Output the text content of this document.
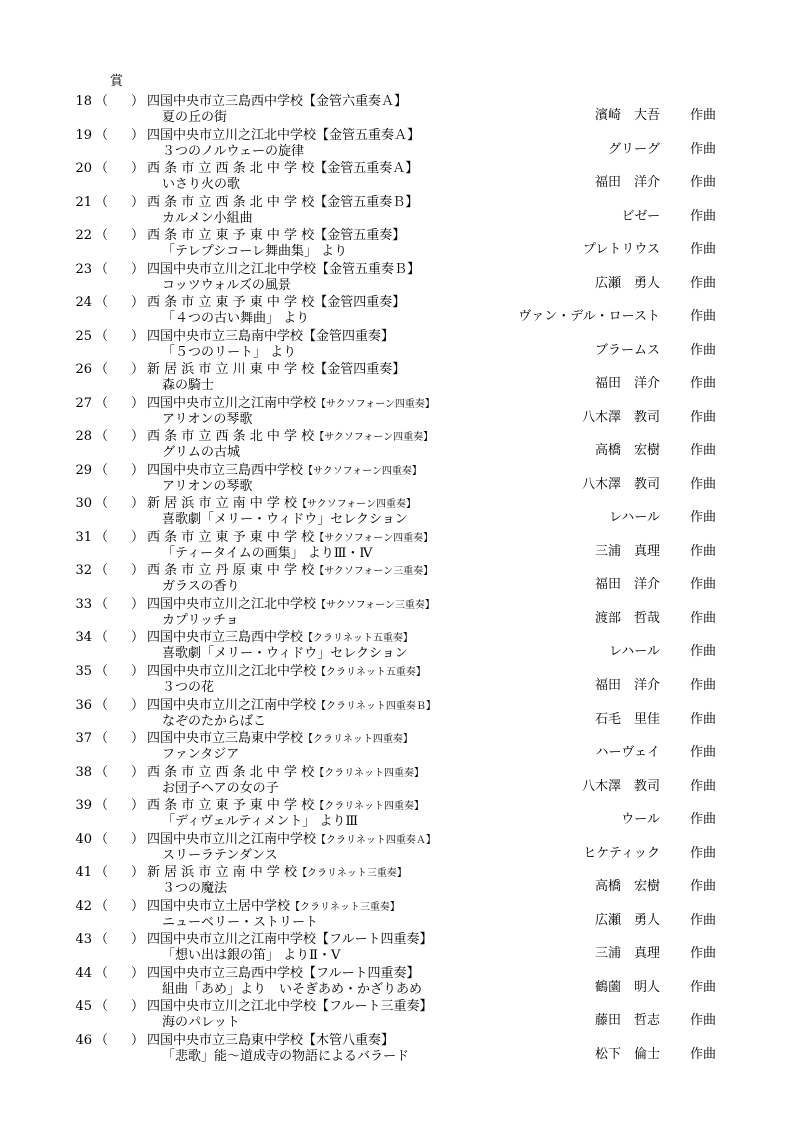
賞
18 （ ） 四国中央市立三島西中学校【金管六重奏Ａ】
夏の丘の街	濱崎　大吾 作曲
19 （ ） 四国中央市立川之江北中学校【金管五重奏Ａ】
３つのノルウェーの旋律	グリーグ 作曲
20 （ ） 西 条 市 立 西 条 北 中 学 校【金管五重奏Ａ】
いさり火の歌	福田　洋介 作曲
21 （ ） 西 条 市 立 西 条 北 中 学 校【金管五重奏Ｂ】
カルメン小組曲	ビゼー 作曲
22 （ ） 西 条 市 立 東 予 東 中 学 校【金管五重奏】
「テレプシコーレ舞曲集」 より	プレトリウス 作曲
23 （ ） 四国中央市立川之江北中学校【金管五重奏Ｂ】
コッツウォルズの風景	広瀬　勇人 作曲
24 （ ） 西 条 市 立 東 予 東 中 学 校【金管四重奏】
「４つの古い舞曲」 より	ヴァン・デル・ロースト 作曲
25 （ ） 四国中央市立三島南中学校【金管四重奏】
「５つのリート」 より	ブラームス 作曲
26 （ ） 新 居 浜 市 立 川 東 中 学 校【金管四重奏】
森の騎士	福田　洋介 作曲
27 （ ） 四国中央市立川之江南中学校【サクソフォーン四重奏】
アリオンの琴歌	八木澤　教司 作曲
28 （ ） 西 条 市 立 西 条 北 中 学 校【サクソフォーン四重奏】
グリムの古城	高橋　宏樹 作曲
29 （ ） 四国中央市立三島西中学校【サクソフォーン四重奏】
アリオンの琴歌	八木澤　教司 作曲
30 （ ） 新 居 浜 市 立 南 中 学 校【サクソフォーン四重奏】
喜歌劇「メリー・ウィドウ」セレクション	レハール 作曲
31 （ ） 西 条 市 立 東 予 東 中 学 校【サクソフォーン四重奏】
「ティータイムの画集」 よりⅢ・Ⅳ	三浦　真理 作曲
32 （ ） 西 条 市 立 丹 原 東 中 学 校【サクソフォーン三重奏】
ガラスの香り	福田　洋介 作曲
33 （ ） 四国中央市立川之江北中学校【サクソフォーン三重奏】
カプリッチョ	渡部　哲哉 作曲
34 （ ） 四国中央市立三島西中学校【クラリネット五重奏】
喜歌劇「メリー・ウィドウ」セレクション	レハール 作曲
35 （ ） 四国中央市立川之江北中学校【クラリネット五重奏】
３つの花	福田　洋介 作曲
36 （ ） 四国中央市立川之江南中学校【クラリネット四重奏Ｂ】
なぞのたからばこ	石毛　里佳 作曲
37 （ ） 四国中央市立三島東中学校【クラリネット四重奏】
ファンタジア	ハーヴェイ 作曲
38 （ ） 西 条 市 立 西 条 北 中 学 校【クラリネット四重奏】
お団子ヘアの女の子	八木澤　教司 作曲
39 （ ） 西 条 市 立 東 予 東 中 学 校【クラリネット四重奏】
「ディヴェルティメント」 よりⅢ	ウール 作曲
40 （ ） 四国中央市立川之江南中学校【クラリネット四重奏Ａ】
スリーラテンダンス	ヒケティック 作曲
41 （ ） 新 居 浜 市 立 南 中 学 校【クラリネット三重奏】
３つの魔法	高橋　宏樹 作曲
42 （ ） 四国中央市立土居中学校【クラリネット三重奏】
ニューベリー・ストリート	広瀬　勇人 作曲
43 （ ） 四国中央市立川之江南中学校【フルート四重奏】
「想い出は銀の笛」 よりⅡ・Ⅴ	三浦　真理 作曲
44 （ ） 四国中央市立三島西中学校【フルート四重奏】
組曲「あめ」より　いそぎあめ・かざりあめ	鶴薗　明人 作曲
45 （ ） 四国中央市立川之江北中学校【フルート三重奏】
海のパレット	藤田　哲志 作曲
46 （ ） 四国中央市立三島東中学校【木管八重奏】
「悲歌」能～道成寺の物語によるバラード	松下　倫士 作曲
